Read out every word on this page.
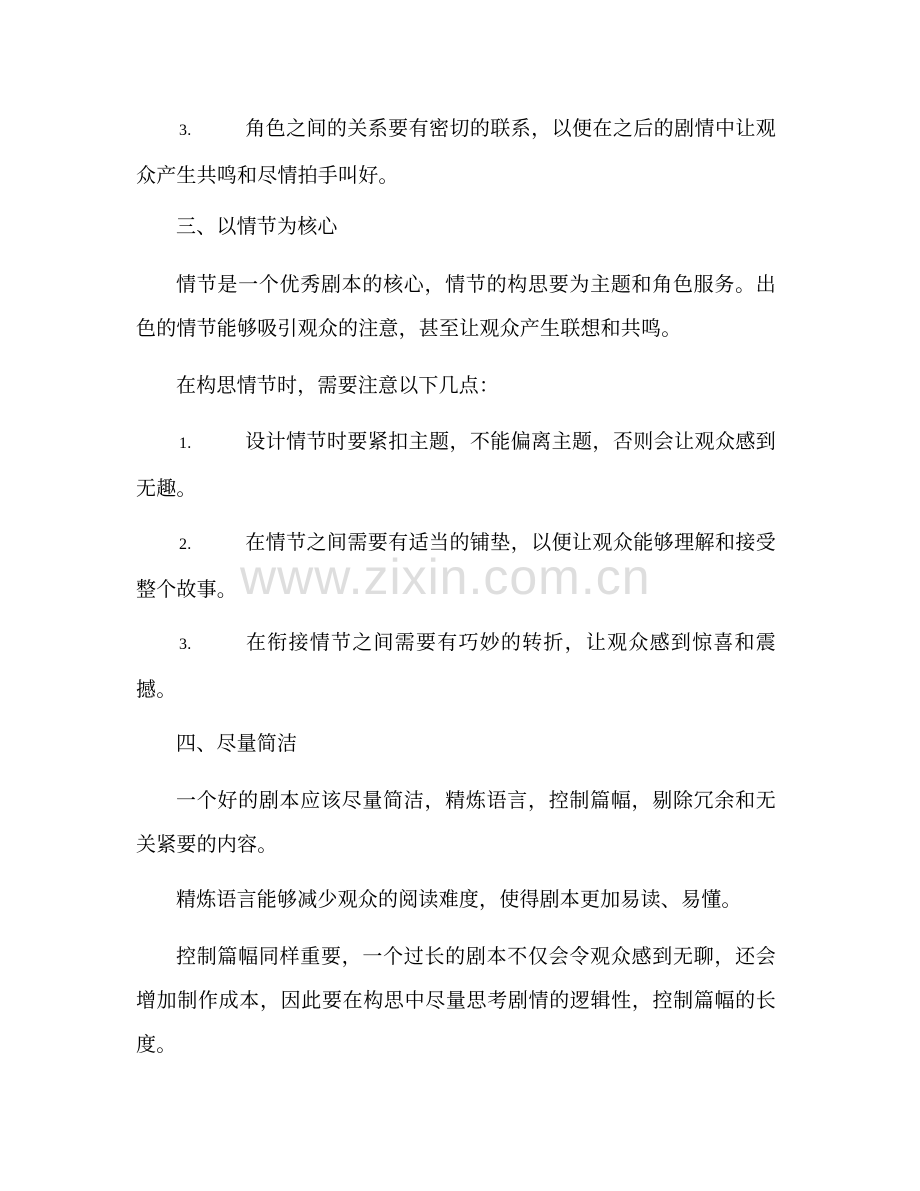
3.	角色之间的关系要有密切的联系，以便在之后的剧情中让观众产生共鸣和尽情拍手叫好。
三、以情节为核心
情节是一个优秀剧本的核心，情节的构思要为主题和角色服务。出色的情节能够吸引观众的注意，甚至让观众产生联想和共鸣。
在构思情节时，需要注意以下几点：
1.	设计情节时要紧扣主题，不能偏离主题，否则会让观众感到无趣。
2.	在情节之间需要有适当的铺垫，以便让观众能够理解和接受整个故事。
3.	在衔接情节之间需要有巧妙的转折，让观众感到惊喜和震撼。
四、尽量简洁
一个好的剧本应该尽量简洁，精炼语言，控制篇幅，剔除冗余和无关紧要的内容。
精炼语言能够减少观众的阅读难度，使得剧本更加易读、易懂。
控制篇幅同样重要，一个过长的剧本不仅会令观众感到无聊，还会增加制作成本，因此要在构思中尽量思考剧情的逻辑性，控制篇幅的长度。
www.zixin.com.cn
